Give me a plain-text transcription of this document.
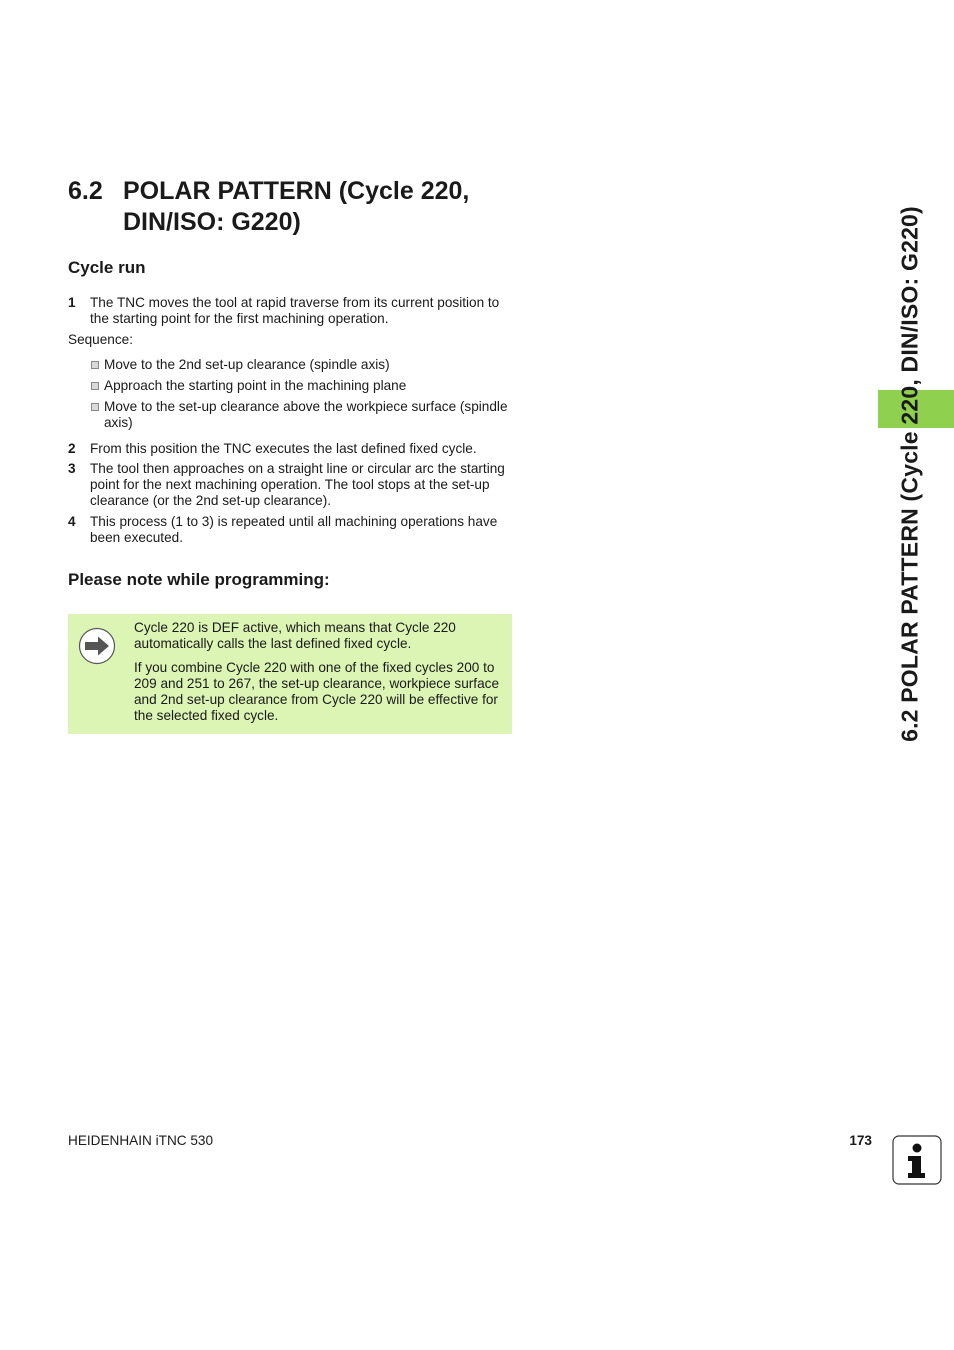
6.2 POLAR PATTERN (Cycle 220, DIN/ISO: G220)
Cycle run
1	The TNC moves the tool at rapid traverse from its current position to the starting point for the first machining operation.
Sequence:
Move to the 2nd set-up clearance (spindle axis)
Approach the starting point in the machining plane
Move to the set-up clearance above the workpiece surface (spindle axis)
2	From this position the TNC executes the last defined fixed cycle.
3	The tool then approaches on a straight line or circular arc the starting point for the next machining operation. The tool stops at the set-up clearance (or the 2nd set-up clearance).
4	This process (1 to 3) is repeated until all machining operations have been executed.
Please note while programming:

Cycle 220 is DEF active, which means that Cycle 220 automatically calls the last defined fixed cycle.

If you combine Cycle 220 with one of the fixed cycles 200 to 209 and 251 to 267, the set-up clearance, workpiece surface and 2nd set-up clearance from Cycle 220 will be effective for the selected fixed cycle.	6.2 POLAR PATTERN (Cycle 220, DIN/ISO: G220)
HEIDENHAIN iTNC 530	173
